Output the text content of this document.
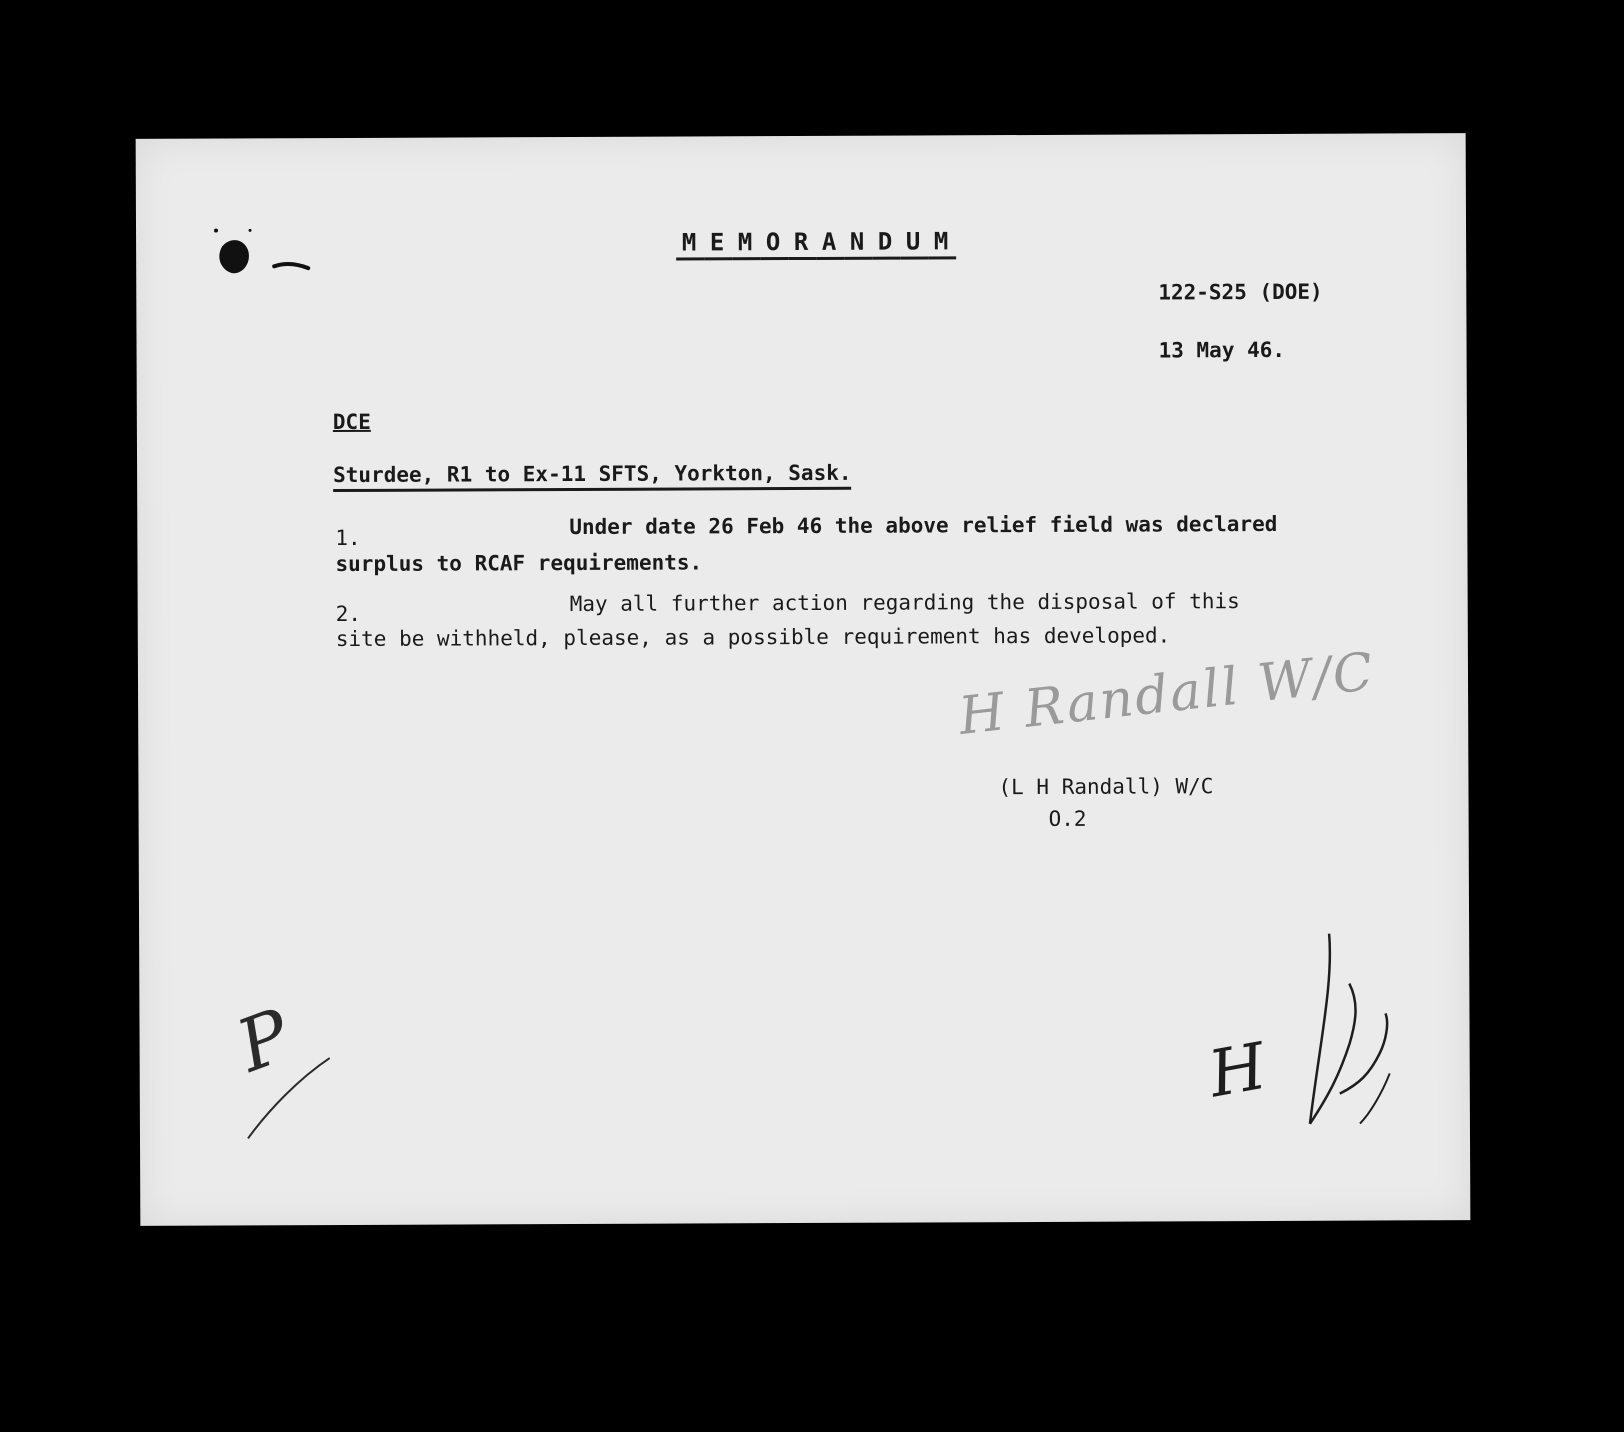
M E M O R A N D U M
122-S25 (DOE)
13 May 46.
DCE
Sturdee, R1 to Ex-11 SFTS, Yorkton, Sask.
1.	Under date 26 Feb 46 the above relief field was declared
surplus to RCAF requirements.
2.	May all further action regarding the disposal of this
site be withheld, please, as a possible requirement has developed.
H Randall W/C
(L H Randall) W/C
O.2
P	H
